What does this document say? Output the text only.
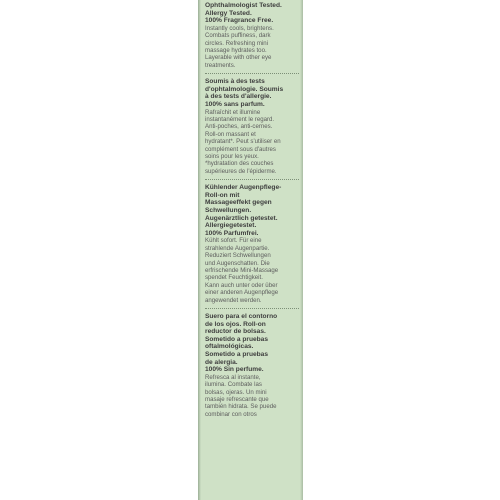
Ophthalmologist Tested.
Allergy Tested.
100% Fragrance Free.
Instantly cools, brightens.
Combats puffiness, dark
circles. Refreshing mini
massage hydrates too.
Layerable with other eye
treatments.
Soumis à des tests
d'ophtalmologie. Soumis
à des tests d'allergie.
100% sans parfum.
Rafraîchit et illumine
instantanément le regard.
Anti-poches, anti-cernes.
Roll-on massant et
hydratant*. Peut s'utiliser en
complément sous d'autres
soins pour les yeux.
*hydratation des couches
supérieures de l'épiderme.
Kühlender Augenpflege-
Roll-on mit
Massageeffekt gegen
Schwellungen.
Augenärztlich getestet.
Allergiegetestet.
100% Parfumfrei.
Kühlt sofort. Für eine
strahlende Augenpartie.
Reduziert Schwellungen
und Augenschatten. Die
erfrischende Mini-Massage
spendet Feuchtigkeit.
Kann auch unter oder über
einer anderen Augenpflege
angewendet werden.
Suero para el contorno
de los ojos. Roll-on
reductor de bolsas.
Sometido a pruebas
oftalmológicas.
Sometido a pruebas
de alergia.
100% Sin perfume.
Refresca al instante,
ilumina. Combate las
bolsas, ojeras. Un mini
masaje refrescante que
también hidrata. Se puede
combinar con otros
